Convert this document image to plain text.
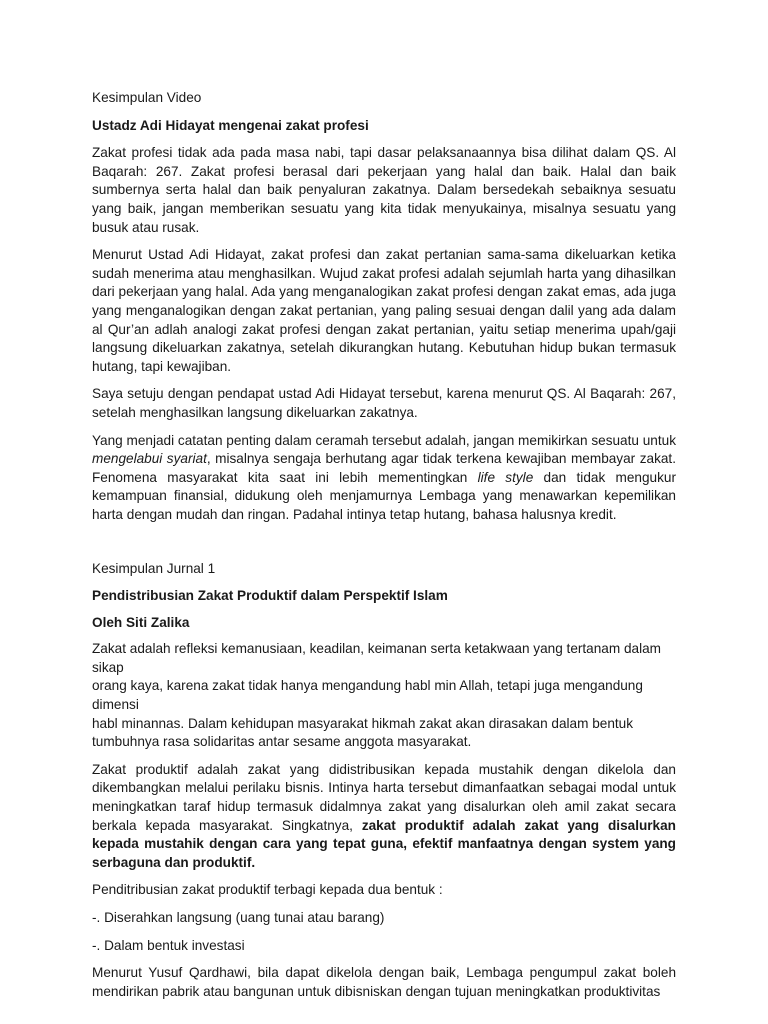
Kesimpulan Video

Ustadz Adi Hidayat mengenai zakat profesi

Zakat profesi tidak ada pada masa nabi, tapi dasar pelaksanaannya bisa dilihat dalam QS. Al Baqarah: 267. Zakat profesi berasal dari pekerjaan yang halal dan baik. Halal dan baik sumbernya serta halal dan baik penyaluran zakatnya. Dalam bersedekah sebaiknya sesuatu yang baik, jangan memberikan sesuatu yang kita tidak menyukainya, misalnya sesuatu yang busuk atau rusak.

Menurut Ustad Adi Hidayat, zakat profesi dan zakat pertanian sama-sama dikeluarkan ketika sudah menerima atau menghasilkan. Wujud zakat profesi adalah sejumlah harta yang dihasilkan dari pekerjaan yang halal. Ada yang menganalogikan zakat profesi dengan zakat emas, ada juga yang menganalogikan dengan zakat pertanian, yang paling sesuai dengan dalil yang ada dalam al Qur’an adlah analogi zakat profesi dengan zakat pertanian, yaitu setiap menerima upah/gaji langsung dikeluarkan zakatnya, setelah dikurangkan hutang. Kebutuhan hidup bukan termasuk hutang, tapi kewajiban.

Saya setuju dengan pendapat ustad Adi Hidayat tersebut, karena menurut QS. Al Baqarah: 267, setelah menghasilkan langsung dikeluarkan zakatnya.

Yang menjadi catatan penting dalam ceramah tersebut adalah, jangan memikirkan sesuatu untuk mengelabui syariat, misalnya sengaja berhutang agar tidak terkena kewajiban membayar zakat. Fenomena masyarakat kita saat ini lebih mementingkan life style dan tidak mengukur kemampuan finansial, didukung oleh menjamurnya Lembaga yang menawarkan kepemilikan harta dengan mudah dan ringan. Padahal intinya tetap hutang, bahasa halusnya kredit.

Kesimpulan Jurnal 1

Pendistribusian Zakat Produktif dalam Perspektif Islam

Oleh Siti Zalika

Zakat adalah refleksi kemanusiaan, keadilan, keimanan serta ketakwaan yang tertanam dalam sikap
orang kaya, karena zakat tidak hanya mengandung habl min Allah, tetapi juga mengandung dimensi
habl minannas. Dalam kehidupan masyarakat hikmah zakat akan dirasakan dalam bentuk
tumbuhnya rasa solidaritas antar sesame anggota masyarakat.

Zakat produktif adalah zakat yang didistribusikan kepada mustahik dengan dikelola dan dikembangkan melalui perilaku bisnis. Intinya harta tersebut dimanfaatkan sebagai modal untuk meningkatkan taraf hidup termasuk didalmnya zakat yang disalurkan oleh amil zakat secara berkala kepada masyarakat. Singkatnya, zakat produktif adalah zakat yang disalurkan kepada mustahik dengan cara yang tepat guna, efektif manfaatnya dengan system yang serbaguna dan produktif.

Penditribusian zakat produktif terbagi kepada dua bentuk :

-. Diserahkan langsung (uang tunai atau barang)

-. Dalam bentuk investasi

Menurut Yusuf Qardhawi, bila dapat dikelola dengan baik, Lembaga pengumpul zakat boleh mendirikan pabrik atau bangunan untuk dibisniskan dengan tujuan meningkatkan produktivitas
